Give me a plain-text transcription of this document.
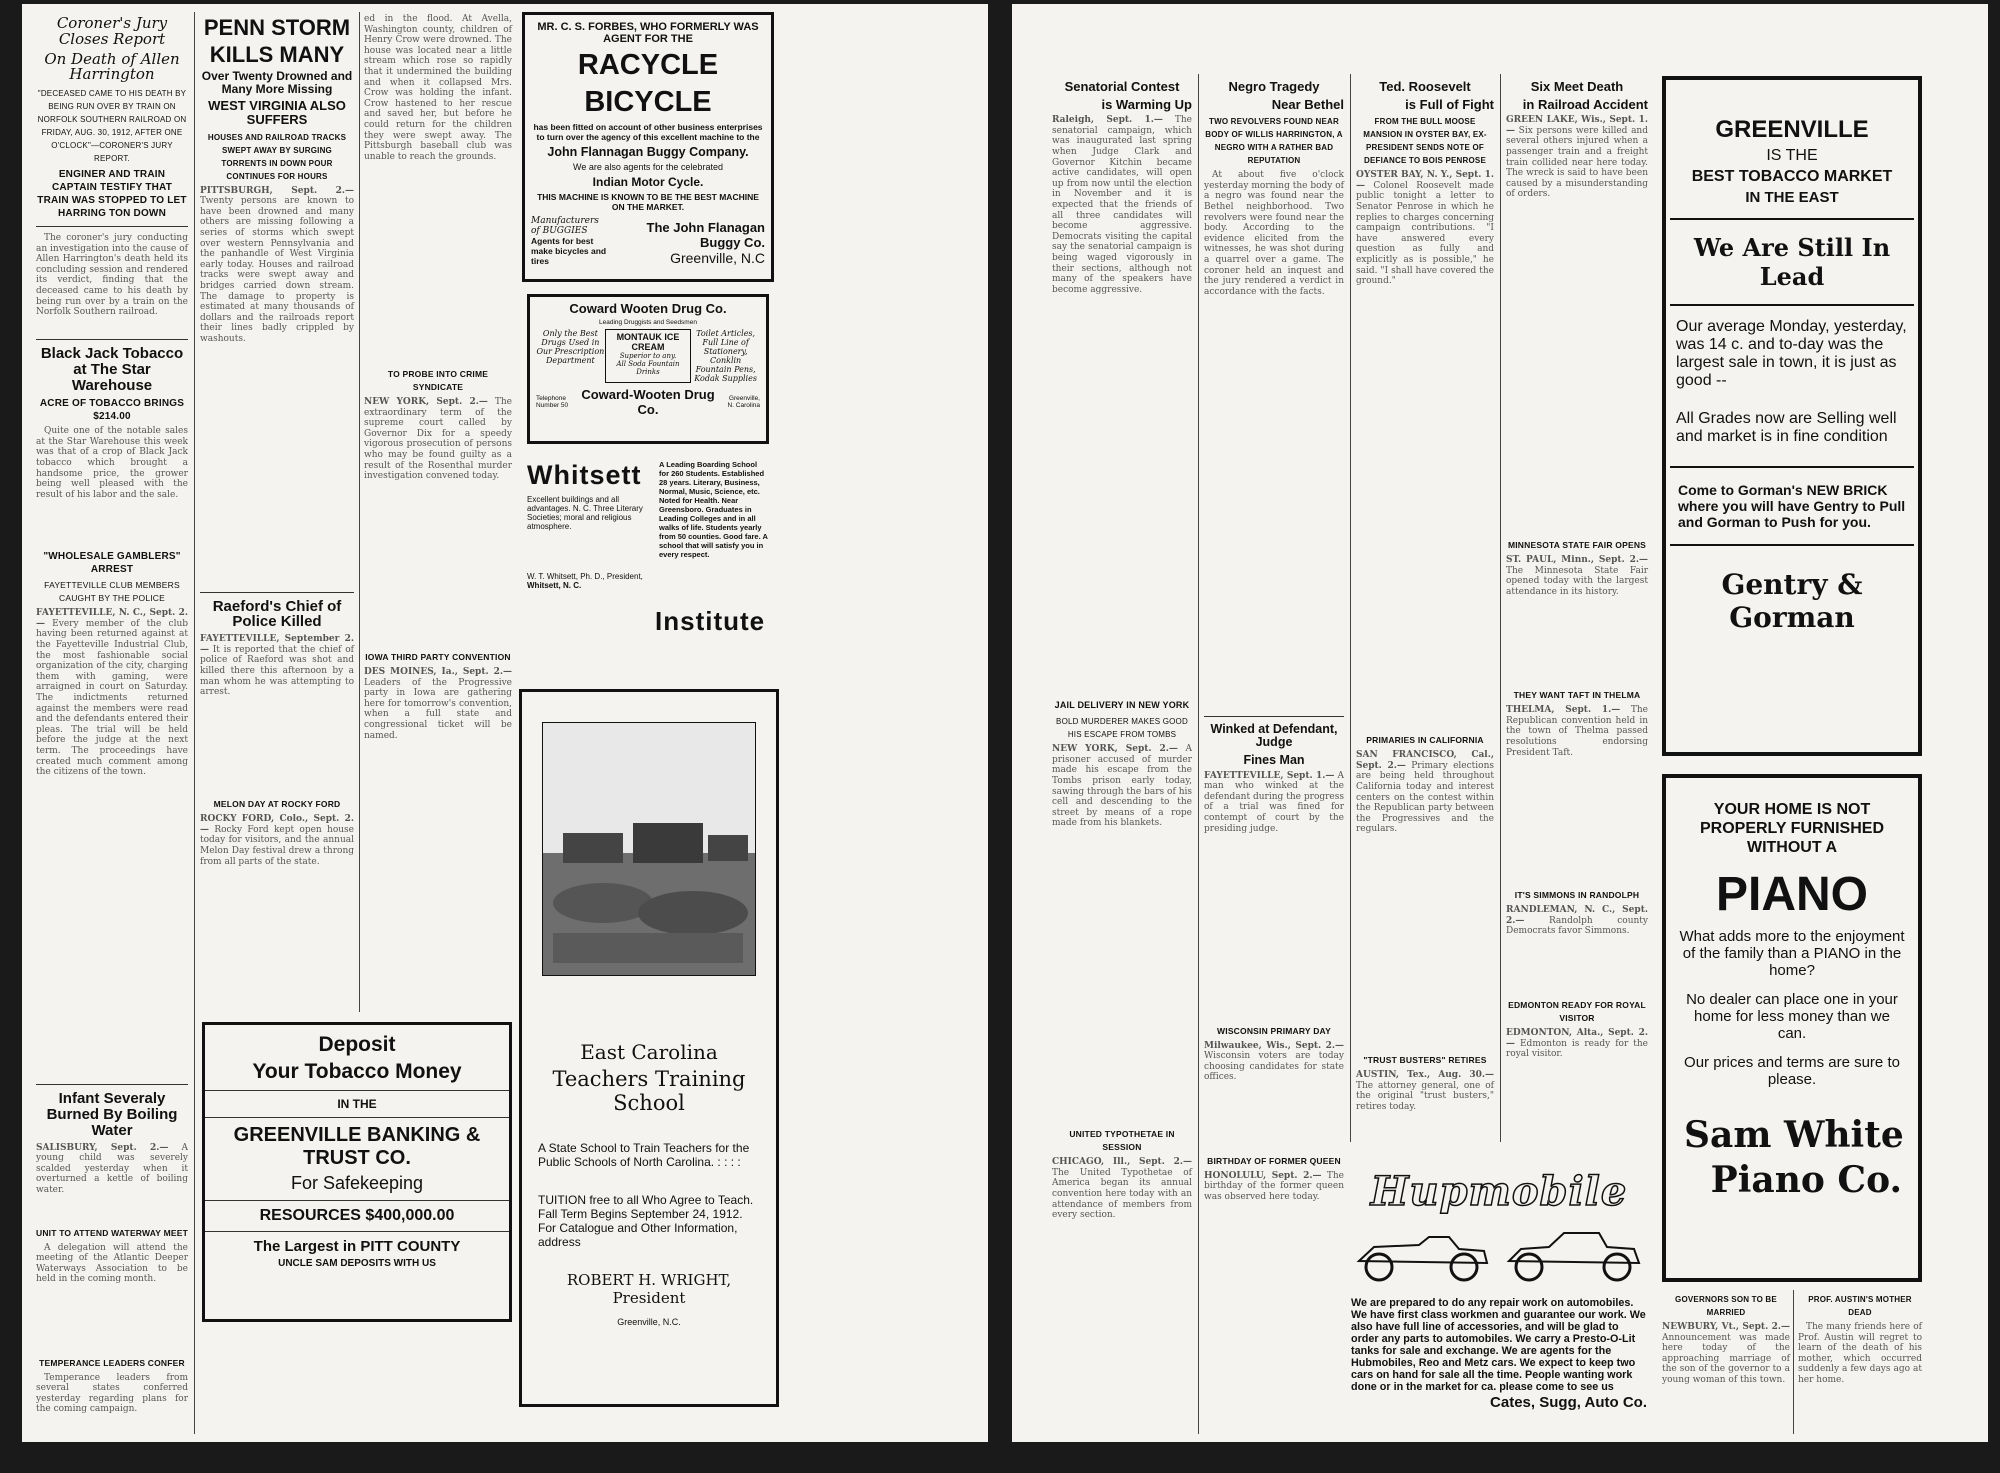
Coroner's Jury Closes Report
On Death of Allen Harrington
"DECEASED CAME TO HIS DEATH BY BEING RUN OVER BY TRAIN ON NORFOLK SOUTHERN RAILROAD ON FRIDAY, AUG. 30, 1912, AFTER ONE O'CLOCK"—CORONER'S JURY REPORT.
ENGINER AND TRAIN CAPTAIN TESTIFY THAT TRAIN WAS STOPPED TO LET HARRING TON DOWN
The coroner's jury conducting an investigation into the cause of Allen Harrington's death held its concluding session and rendered its verdict, finding that the deceased came to his death by being run over by a train on the Norfolk Southern railroad.
Black Jack Tobacco at The Star Warehouse
ACRE OF TOBACCO BRINGS $214.00
Quite one of the notable sales at the Star Warehouse this week was that of a crop of Black Jack tobacco which brought a handsome price, the grower being well pleased with the result of his labor and the sale.
"WHOLESALE GAMBLERS" ARREST
FAYETTEVILLE CLUB MEMBERS CAUGHT BY THE POLICE
FAYETTEVILLE, N. C., Sept. 2.— Every member of the club having been returned against at the Fayetteville Industrial Club, the most fashionable social organization of the city, charging them with gaming, were arraigned in court on Saturday. The indictments returned against the members were read and the defendants entered their pleas. The trial will be held before the judge at the next term. The proceedings have created much comment among the citizens of the town.
Infant Severaly Burned By Boiling Water
SALISBURY, Sept. 2.— A young child was severely scalded yesterday when it overturned a kettle of boiling water.
UNIT TO ATTEND WATERWAY MEET
A delegation will attend the meeting of the Atlantic Deeper Waterways Association to be held in the coming month.
TEMPERANCE LEADERS CONFER
Temperance leaders from several states conferred yesterday regarding plans for the coming campaign.
PENN STORM
KILLS MANY
Over Twenty Drowned and Many More Missing
WEST VIRGINIA ALSO SUFFERS
HOUSES AND RAILROAD TRACKS SWEPT AWAY BY SURGING TORRENTS IN DOWN POUR CONTINUES FOR HOURS
PITTSBURGH, Sept. 2.— Twenty persons are known to have been drowned and many others are missing following a series of storms which swept over western Pennsylvania and the panhandle of West Virginia early today. Houses and railroad tracks were swept away and bridges carried down stream. The damage to property is estimated at many thousands of dollars and the railroads report their lines badly crippled by washouts.
Raeford's Chief of Police Killed
FAYETTEVILLE, September 2.— It is reported that the chief of police of Raeford was shot and killed there this afternoon by a man whom he was attempting to arrest.
MELON DAY AT ROCKY FORD
ROCKY FORD, Colo., Sept. 2.— Rocky Ford kept open house today for visitors, and the annual Melon Day festival drew a throng from all parts of the state.

Deposit

Your Tobacco Money

IN THE

GREENVILLE BANKING & TRUST CO.

For Safekeeping

RESOURCES $400,000.00

The Largest in PITT COUNTY

UNCLE SAM DEPOSITS WITH US

ed in the flood. At Avella, Washington county, children of Henry Crow were drowned. The house was located near a little stream which rose so rapidly that it undermined the building and when it collapsed Mrs. Crow was holding the infant. Crow hastened to her rescue and saved her, but before he could return for the children they were swept away. The Pittsburgh baseball club was unable to reach the grounds.
TO PROBE INTO CRIME SYNDICATE
NEW YORK, Sept. 2.— The extraordinary term of the supreme court called by Governor Dix for a speedy vigorous prosecution of persons who may be found guilty as a result of the Rosenthal murder investigation convened today.
IOWA THIRD PARTY CONVENTION
DES MOINES, Ia., Sept. 2.— Leaders of the Progressive party in Iowa are gathering here for tomorrow's convention, when a full state and congressional ticket will be named.

MR. C. S. FORBES, WHO FORMERLY WAS AGENT FOR THE

RACYCLE

BICYCLE

has been fitted on account of other business enterprises to turn over the agency of this excellent machine to the

John Flannagan Buggy Company.

We are also agents for the celebrated

Indian Motor Cycle.

THIS MACHINE IS KNOWN TO BE THE BEST MACHINE ON THE MARKET.

Manufacturers of BUGGIES
Agents for best make bicycles and tires
The John Flanagan Buggy Co.
Greenville, N.C

Coward Wooten Drug Co.

Leading Druggists and Seedsmen

Only the Best Drugs Used in Our Prescription Department
MONTAUK ICE CREAM
Superior to any.
All Soda Fountain Drinks
Toilet Articles, Full Line of Stationery, Conklin Fountain Pens, Kodak Supplies
Telephone Number 50
Coward-Wooten Drug Co.
Greenville, N. Carolina
Whitsett
Excellent buildings and all advantages. N. C. Three Literary Societies; moral and religious atmosphere.
A Leading Boarding School for 260 Students. Established 28 years. Literary, Business, Normal, Music, Science, etc. Noted for Health. Near Greensboro. Graduates in Leading Colleges and in all walks of life. Students yearly from 50 counties. Good fare. A school that will satisfy you in every respect.
W. T. Whitsett, Ph. D., President,
Whitsett, N. C.
Institute

East Carolina

Teachers Training School

A State School to Train Teachers for the Public Schools of North Carolina. : : : :

TUITION free to all Who Agree to Teach. Fall Term Begins September 24, 1912. For Catalogue and Other Information, address

ROBERT H. WRIGHT, President

Greenville, N.C.

Senatorial Contest
is Warming Up
Raleigh, Sept. 1.— The senatorial campaign, which was inaugurated last spring when Judge Clark and Governor Kitchin became active candidates, will open up from now until the election in November and it is expected that the friends of all three candidates will become aggressive. Democrats visiting the capital say the senatorial campaign is being waged vigorously in their sections, although not many of the speakers have become aggressive.
JAIL DELIVERY IN NEW YORK
BOLD MURDERER MAKES GOOD HIS ESCAPE FROM TOMBS
NEW YORK, Sept. 2.— A prisoner accused of murder made his escape from the Tombs prison early today, sawing through the bars of his cell and descending to the street by means of a rope made from his blankets.
UNITED TYPOTHETAE IN SESSION
CHICAGO, Ill., Sept. 2.— The United Typothetae of America began its annual convention here today with an attendance of members from every section.
Negro Tragedy
Near Bethel
TWO REVOLVERS FOUND NEAR BODY OF WILLIS HARRINGTON, A NEGRO WITH A RATHER BAD REPUTATION
At about five o'clock yesterday morning the body of a negro was found near the Bethel neighborhood. Two revolvers were found near the body. According to the evidence elicited from the witnesses, he was shot during a quarrel over a game. The coroner held an inquest and the jury rendered a verdict in accordance with the facts.
Winked at Defendant, Judge
Fines Man
FAYETTEVILLE, Sept. 1.— A man who winked at the defendant during the progress of a trial was fined for contempt of court by the presiding judge.
WISCONSIN PRIMARY DAY
Milwaukee, Wis., Sept. 2.— Wisconsin voters are today choosing candidates for state offices.
BIRTHDAY OF FORMER QUEEN
HONOLULU, Sept. 2.— The birthday of the former queen was observed here today.
Ted. Roosevelt
is Full of Fight
FROM THE BULL MOOSE MANSION IN OYSTER BAY, EX-PRESIDENT SENDS NOTE OF DEFIANCE TO BOIS PENROSE
OYSTER BAY, N. Y., Sept. 1.— Colonel Roosevelt made public tonight a letter to Senator Penrose in which he replies to charges concerning campaign contributions. "I have answered every question as fully and explicitly as is possible," he said. "I shall have covered the ground."
PRIMARIES IN CALIFORNIA
SAN FRANCISCO, Cal., Sept. 2.— Primary elections are being held throughout California today and interest centers on the contest within the Republican party between the Progressives and the regulars.
"TRUST BUSTERS" RETIRES
AUSTIN, Tex., Aug. 30.— The attorney general, one of the original "trust busters," retires today.
Six Meet Death
in Railroad Accident
GREEN LAKE, Wis., Sept. 1.— Six persons were killed and several others injured when a passenger train and a freight train collided near here today. The wreck is said to have been caused by a misunderstanding of orders.
MINNESOTA STATE FAIR OPENS
ST. PAUL, Minn., Sept. 2.— The Minnesota State Fair opened today with the largest attendance in its history.
THEY WANT TAFT IN THELMA
THELMA, Sept. 1.— The Republican convention held in the town of Thelma passed resolutions endorsing President Taft.
IT'S SIMMONS IN RANDOLPH
RANDLEMAN, N. C., Sept. 2.— Randolph county Democrats favor Simmons.
EDMONTON READY FOR ROYAL VISITOR
EDMONTON, Alta., Sept. 2.— Edmonton is ready for the royal visitor.
Hupmobile

We are prepared to do any repair work on automobiles. We have first class workmen and guarantee our work. We also have full line of accessories, and will be glad to order any parts to automobiles. We carry a Presto-O-Lit tanks for sale and exchange. We are agents for the Hubmobiles, Reo and Metz cars. We expect to keep two cars on hand for sale all the time. People wanting work done or in the market for ca. please come to see us

Cates, Sugg, Auto Co.

GREENVILLE

IS THE

BEST TOBACCO MARKET

IN THE EAST

We Are Still In Lead

Our average Monday, yesterday, was 14 c. and to-day was the largest sale in town, it is just as good --

All Grades now are Selling well and market is in fine condition

Come to Gorman's NEW BRICK where you will have Gentry to Pull and Gorman to Push for you.

Gentry & Gorman

YOUR HOME IS NOT PROPERLY FURNISHED WITHOUT A

PIANO

What adds more to the enjoyment of the family than a PIANO in the home?

No dealer can place one in your home for less money than we can.

Our prices and terms are sure to please.

Sam White

Piano Co.

GOVERNORS SON TO BE MARRIED
NEWBURY, Vt., Sept. 2.— Announcement was made here today of the approaching marriage of the son of the governor to a young woman of this town.
PROF. AUSTIN'S MOTHER DEAD
The many friends here of Prof. Austin will regret to learn of the death of his mother, which occurred suddenly a few days ago at her home.
